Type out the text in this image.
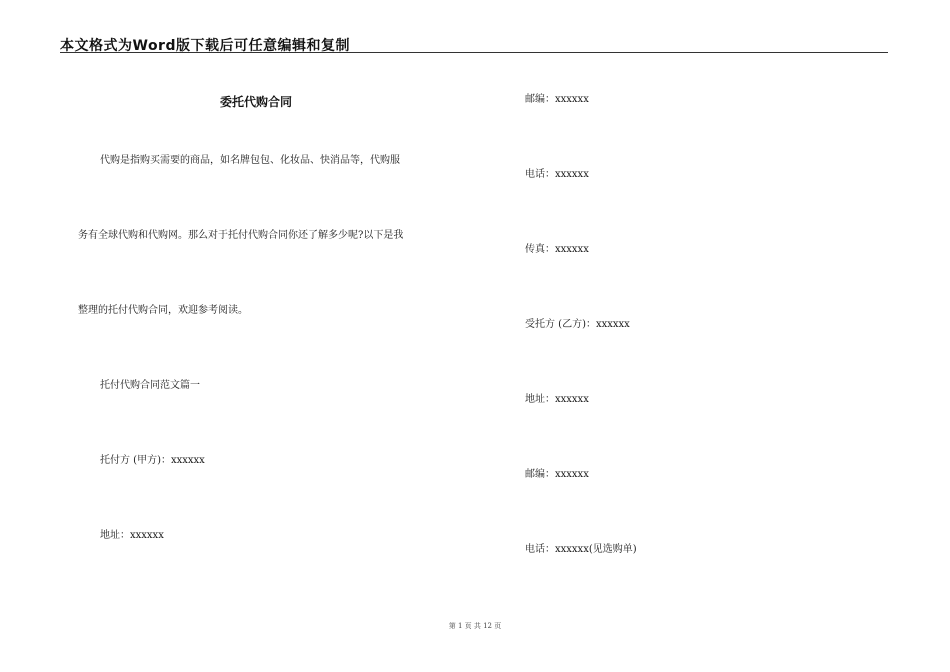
本文格式为Word版下载后可任意编辑和复制
委托代购合同
代购是指购买需要的商品，如名牌包包、化妆品、快消品等，代购服
务有全球代购和代购网。那么对于托付代购合同你还了解多少呢?以下是我
整理的托付代购合同，欢迎参考阅读。
托付代购合同范文篇一
托付方 (甲方)：xxxxxx
地址：xxxxxx
邮编：xxxxxx
电话：xxxxxx
传真：xxxxxx
受托方 (乙方)：xxxxxx
地址：xxxxxx
邮编：xxxxxx
电话：xxxxxx(见选购单)
第 1 页 共 12 页
